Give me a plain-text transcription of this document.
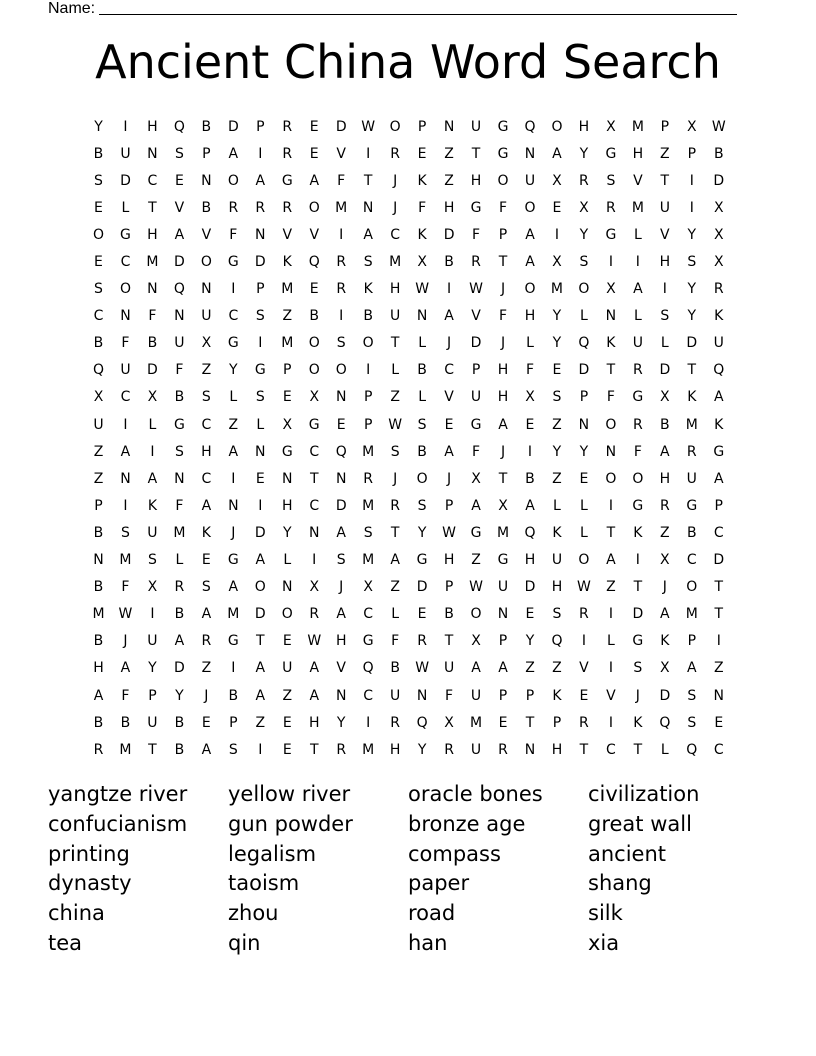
Name:
Ancient China Word Search
Y	I	H	Q	B	D	P	R	E	D	W	O	P	N	U	G	Q	O	H	X	M	P	X	W
B	U	N	S	P	A	I	R	E	V	I	R	E	Z	T	G	N	A	Y	G	H	Z	P	B
S	D	C	E	N	O	A	G	A	F	T	J	K	Z	H	O	U	X	R	S	V	T	I	D
E	L	T	V	B	R	R	R	O	M	N	J	F	H	G	F	O	E	X	R	M	U	I	X
O	G	H	A	V	F	N	V	V	I	A	C	K	D	F	P	A	I	Y	G	L	V	Y	X
E	C	M	D	O	G	D	K	Q	R	S	M	X	B	R	T	A	X	S	I	I	H	S	X
S	O	N	Q	N	I	P	M	E	R	K	H	W	I	W	J	O	M	O	X	A	I	Y	R
C	N	F	N	U	C	S	Z	B	I	B	U	N	A	V	F	H	Y	L	N	L	S	Y	K
B	F	B	U	X	G	I	M	O	S	O	T	L	J	D	J	L	Y	Q	K	U	L	D	U
Q	U	D	F	Z	Y	G	P	O	O	I	L	B	C	P	H	F	E	D	T	R	D	T	Q
X	C	X	B	S	L	S	E	X	N	P	Z	L	V	U	H	X	S	P	F	G	X	K	A
U	I	L	G	C	Z	L	X	G	E	P	W	S	E	G	A	E	Z	N	O	R	B	M	K
Z	A	I	S	H	A	N	G	C	Q	M	S	B	A	F	J	I	Y	Y	N	F	A	R	G
Z	N	A	N	C	I	E	N	T	N	R	J	O	J	X	T	B	Z	E	O	O	H	U	A
P	I	K	F	A	N	I	H	C	D	M	R	S	P	A	X	A	L	L	I	G	R	G	P
B	S	U	M	K	J	D	Y	N	A	S	T	Y	W	G	M	Q	K	L	T	K	Z	B	C
N	M	S	L	E	G	A	L	I	S	M	A	G	H	Z	G	H	U	O	A	I	X	C	D
B	F	X	R	S	A	O	N	X	J	X	Z	D	P	W	U	D	H	W	Z	T	J	O	T
M	W	I	B	A	M	D	O	R	A	C	L	E	B	O	N	E	S	R	I	D	A	M	T
B	J	U	A	R	G	T	E	W	H	G	F	R	T	X	P	Y	Q	I	L	G	K	P	I
H	A	Y	D	Z	I	A	U	A	V	Q	B	W	U	A	A	Z	Z	V	I	S	X	A	Z
A	F	P	Y	J	B	A	Z	A	N	C	U	N	F	U	P	P	K	E	V	J	D	S	N
B	B	U	B	E	P	Z	E	H	Y	I	R	Q	X	M	E	T	P	R	I	K	Q	S	E
R	M	T	B	A	S	I	E	T	R	M	H	Y	R	U	R	N	H	T	C	T	L	Q	C
yangtze river	yellow river	oracle bones	civilization
confucianism	gun powder	bronze age	great wall
printing	legalism	compass	ancient
dynasty	taoism	paper	shang
china	zhou	road	silk
tea	qin	han	xia
